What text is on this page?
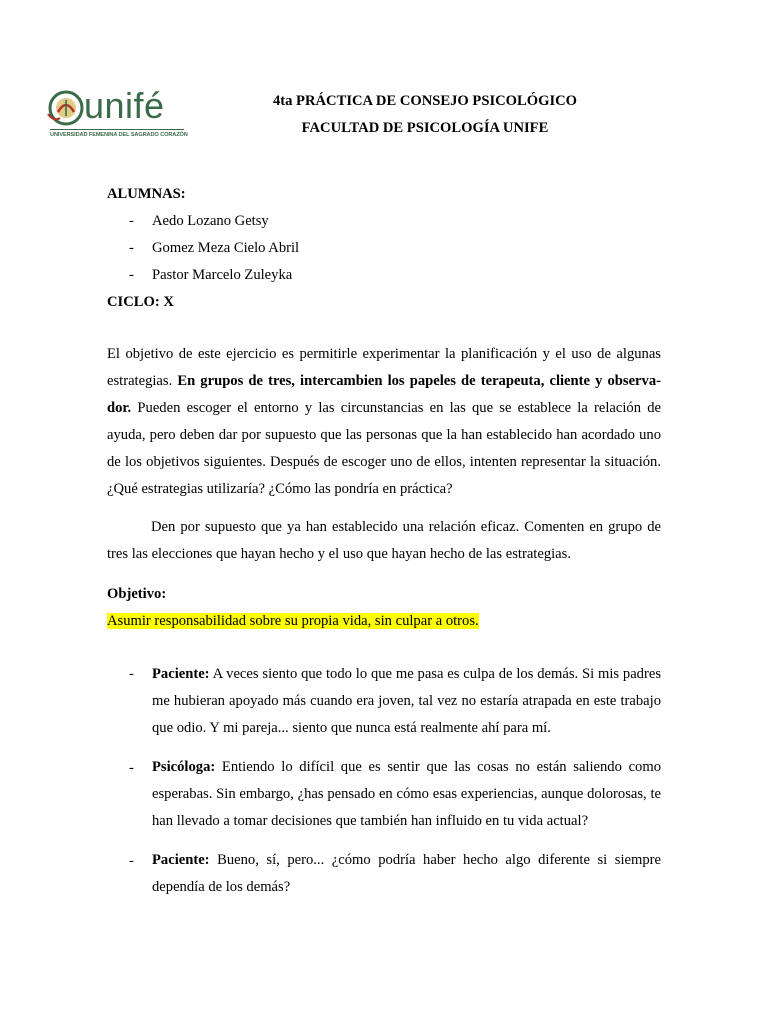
unifé
UNIVERSIDAD FEMENINA DEL SAGRADO CORAZÓN
4ta PRÁCTICA DE CONSEJO PSICOLÓGICO
FACULTAD DE PSICOLOGÍA UNIFE
ALUMNAS:
- Aedo Lozano Getsy
- Gomez Meza Cielo Abril
- Pastor Marcelo Zuleyka
CICLO: X

El objetivo de este ejercicio es permitirle experimentar la planificación y el uso de algunas estrategias. En grupos de tres, intercambien los papeles de terapeuta, cliente y observa-dor. Pueden escoger el entorno y las circunstancias en las que se establece la relación de ayuda, pero deben dar por supuesto que las personas que la han establecido han acordado uno de los objetivos siguientes. Después de escoger uno de ellos, intenten representar la situación. ¿Qué estrategias utilizaría? ¿Cómo las pondría en práctica?

Den por supuesto que ya han establecido una relación eficaz. Comenten en grupo de tres las elecciones que hayan hecho y el uso que hayan hecho de las estrategias.

Objetivo:
Asumir responsabilidad sobre su propia vida, sin culpar a otros.
- Paciente: A veces siento que todo lo que me pasa es culpa de los demás. Si mis padres me hubieran apoyado más cuando era joven, tal vez no estaría atrapada en este trabajo que odio. Y mi pareja... siento que nunca está realmente ahí para mí.

- Psicóloga: Entiendo lo difícil que es sentir que las cosas no están saliendo como esperabas. Sin embargo, ¿has pensado en cómo esas experiencias, aunque dolorosas, te han llevado a tomar decisiones que también han influido en tu vida actual?

- Paciente: Bueno, sí, pero... ¿cómo podría haber hecho algo diferente si siempre dependía de los demás?
